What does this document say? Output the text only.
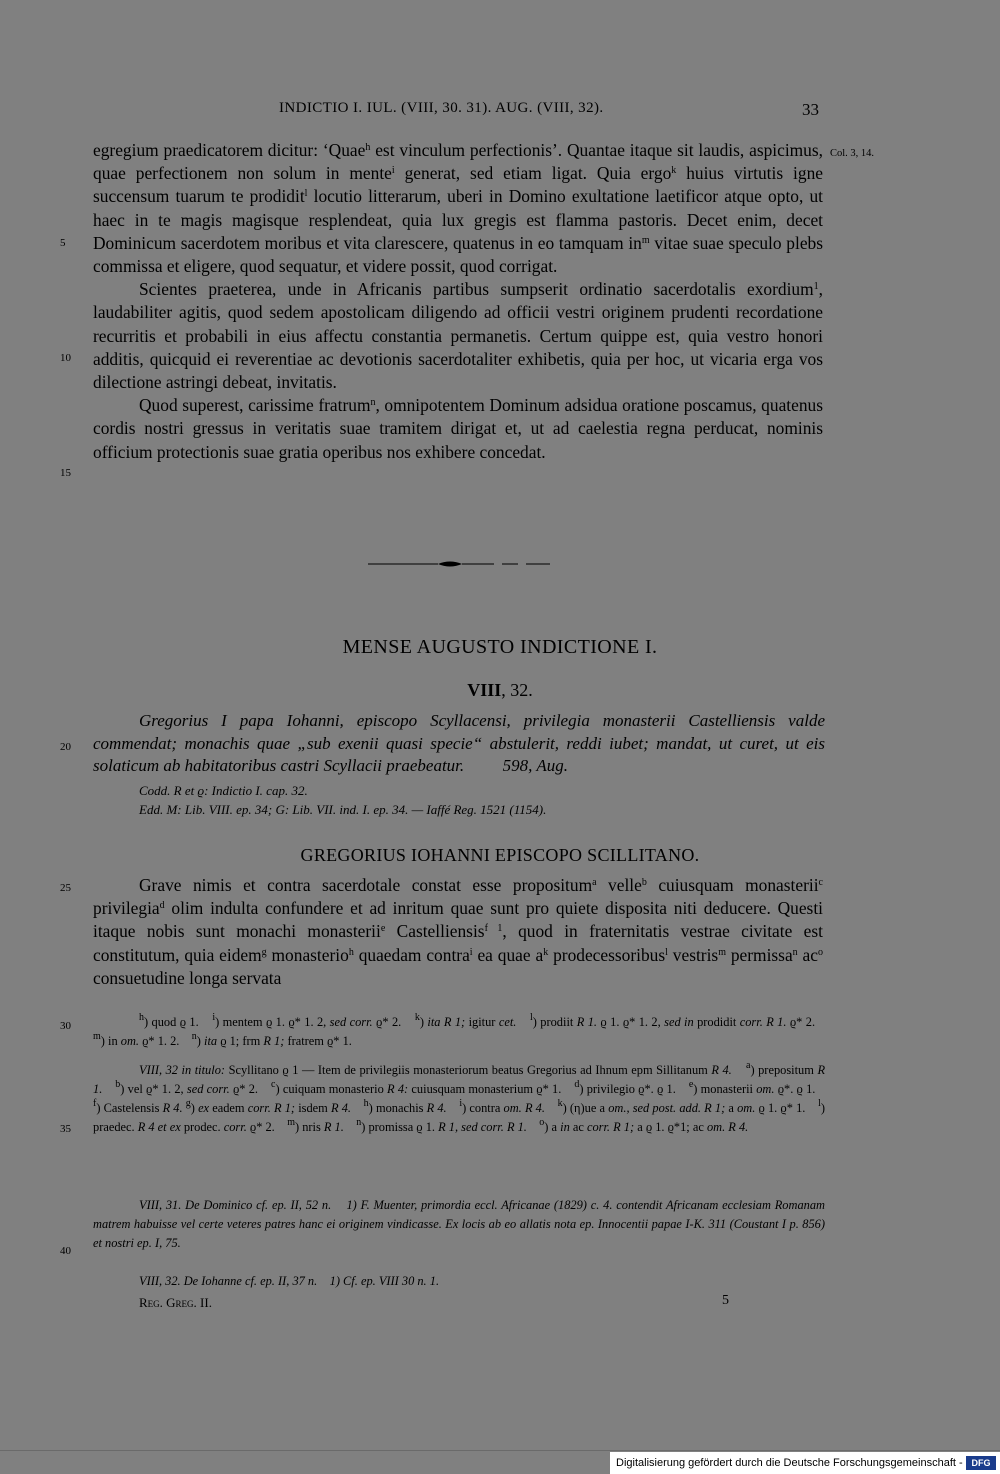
INDICTIO I. IUL. (VIII, 30. 31). AUG. (VIII, 32).	33
Col. 3, 14.
5
10
15
20
25
30
35
40

egregium praedicatorem dicitur: ‘Quae$^h$ est vinculum perfectionis’. Quantae itaque sit laudis, aspicimus, quae perfectionem non solum in mente$^i$ generat, sed etiam ligat. Quia ergo$^k$ huius virtutis igne succensum tuarum te prodidit$^l$ locutio litterarum, uberi in Domino exultatione laetificor atque opto, ut haec in te magis magisque resplendeat, quia lux gregis est flamma pastoris. Decet enim, decet Dominicum sacerdotem moribus et vita clarescere, quatenus in eo tamquam $in^m$ vitae suae speculo plebs commissa et eligere, quod sequatur, et videre possit, quod corrigat.

Scientes praeterea, unde in Africanis partibus sumpserit ordinatio sacerdotalis exordium$^1$, laudabiliter agitis, quod sedem apostolicam diligendo ad officii vestri originem prudenti recordatione recurritis et probabili in eius affectu constantia permanetis. Certum quippe est, quia vestro honori additis, quicquid ei reverentiae ac devotionis sacerdotaliter exhibetis, quia per hoc, ut vicaria erga vos dilectione astringi debeat, invitatis.

Quod superest, carissime fratrum$^n$, omnipotentem Dominum adsidua oratione poscamus, quatenus cordis nostri gressus in veritatis suae tramitem dirigat et, ut ad caelestia regna perducat, nominis officium protectionis suae gratia operibus nos exhibere concedat.

MENSE AUGUSTO INDICTIONE I.
VIII, 32.
Gregorius I papa Iohanni, episcopo Scyllacensi, privilegia monasterii Castelliensis valde commendat; monachis quae „sub exenii quasi specie“ abstulerit, reddi iubet; mandat, ut curet, ut eis solaticum ab habitatoribus castri Scyllacii praebeatur. 598, Aug.
Codd. R et ϱ: Indictio I. cap. 32.
Edd. M: Lib. VIII. ep. 34; G: Lib. VII. ind. I. ep. 34. — Iaffé Reg. 1521 (1154).
GREGORIUS IOHANNI EPISCOPO SCILLITANO.

Grave nimis et contra sacerdotale constat esse propositum$^a$ velle$^b$ cuiusquam monasterii$^c$ privilegia$^d$ olim indulta confundere et ad inritum quae sunt pro quiete disposita niti deducere. Questi itaque nobis sunt monachi monasterii$^e$ Castelliensis$^{f 1}$, quod in fraternitatis vestrae civitate est constitutum, quia eidem$^g$ monasterio$^h$ quaedam contra$^i$ ea quae $a^k$ prodecessoribus$^l$ vestris$^m$ permissa$^n$ $ac^o$ consuetudine longa servata

$^h$) quod ϱ 1.    $^i$) mentem ϱ 1. ϱ* 1. 2, sed corr. ϱ* 2.    $^k$) ita R 1; igitur cet. $^l$) prodiit R 1. ϱ 1. ϱ* 1. 2, sed in prodidit corr. R 1. ϱ* 2.    $^m$) in om. ϱ* 1. 2.    $^n$) ita ϱ 1; frm R 1; fratrem ϱ* 1.

VIII, 32 in titulo: Scyllitano ϱ 1 — Item de privilegiis monasteriorum beatus Gregorius ad Ihnum epm Sillitanum R 4. $^a$) prepositum R 1. $^b$) vel ϱ* 1. 2, sed corr. ϱ* 2.    $^c$) cuiquam monasterio R 4: cuiusquam monasterium ϱ* 1.    $^d$) privilegio ϱ*. ϱ 1.    $^e$) monasterii om. ϱ*. ϱ 1.    $^f$) Castelensis R 4. $^g$) ex eadem corr. R 1; isdem R 4. $^h$) monachis R 4. $^i$) contra om. R 4. $^k$) (η)ue a om., sed post. add. R 1; a om. ϱ 1. ϱ* 1.    $^l$) praedec. R 4 et ex prodec. corr. ϱ* 2.    $^m$) nris R 1. $^n$) promissa ϱ 1. R 1, sed corr. R 1. $^o$) a in ac corr. R 1; a ϱ 1. ϱ*1; ac om. R 4.

VIII, 31. De Dominico cf. ep. II, 52 n.    1) F. Muenter, primordia eccl. Africanae (1829) c. 4. contendit Africanam ecclesiam Romanam matrem habuisse vel certe veteres patres hanc ei originem vindicasse. Ex locis ab eo allatis nota ep. Innocentii papae I-K. 311 (Coustant I p. 856) et nostri ep. I, 75.

VIII, 32. De Iohanne cf. ep. II, 37 n.    1) Cf. ep. VIII 30 n. 1.

Reg. Greg. II.	5
Digitalisierung gefördert durch die Deutsche Forschungsgemeinschaft - DFG
